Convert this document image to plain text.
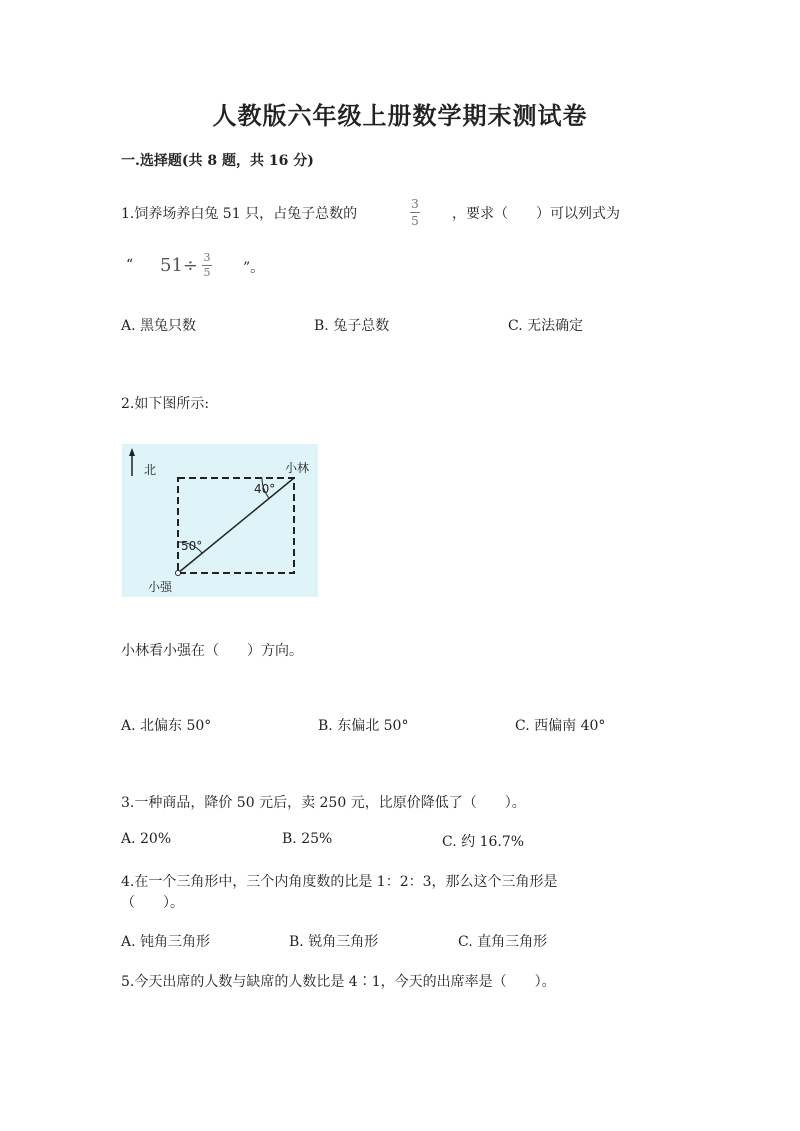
人教版六年级上册数学期末测试卷
一.选择题(共 8 题，共 16 分)
1.饲养场养白兔 51 只，占兔子总数的
3
5 ，要求（　　）可以列式为
“ $51\div \frac{3}{5}$ ”。
A. 黑兔只数	B. 兔子总数	C. 无法确定
2.如下图所示:
北	小林
40°
50°
小强
小林看小强在（　　）方向。
A. 北偏东 50°	B. 东偏北 50°	C. 西偏南 40°
3.一种商品，降价 50 元后，卖 250 元，比原价降低了（　　）。
A. 20%	B. 25%	C. 约 16.7%
4.在一个三角形中，三个内角度数的比是 1：2：3，那么这个三角形是
（　　）。
A. 钝角三角形	B. 锐角三角形	C. 直角三角形
5.今天出席的人数与缺席的人数比是 4∶1，今天的出席率是（　　）。
